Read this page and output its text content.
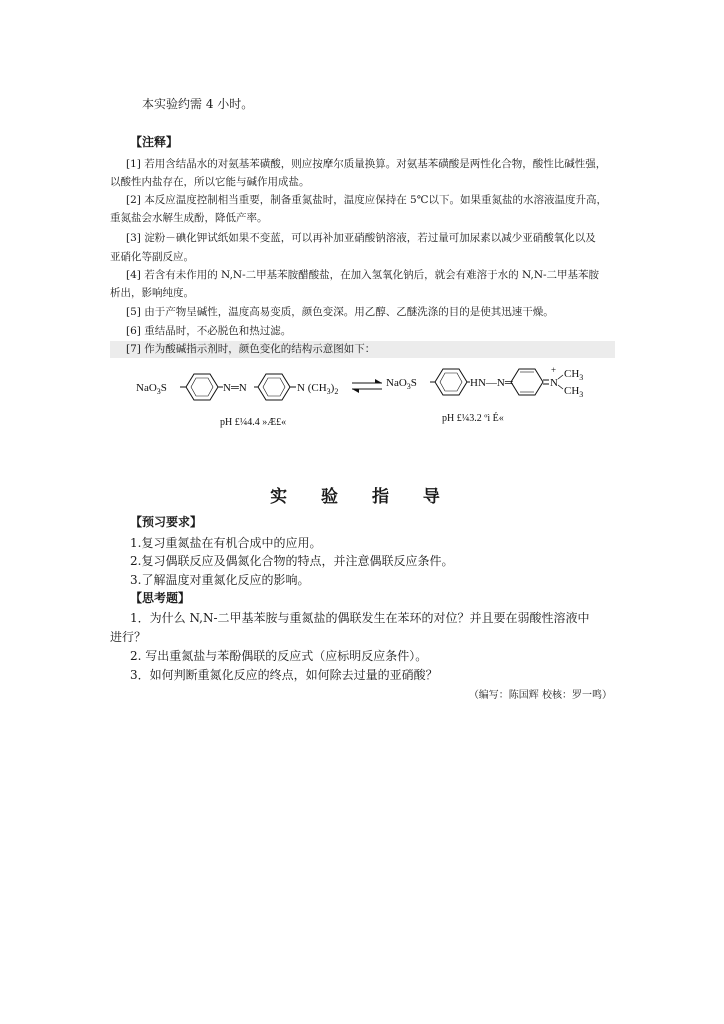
本实验约需 4 小时。
【注释】
[1] 若用含结晶水的对氨基苯磺酸，则应按摩尔质量换算。对氨基苯磺酸是两性化合物，酸性比碱性强，
以酸性内盐存在，所以它能与碱作用成盐。
[2] 本反应温度控制相当重要，制备重氮盐时，温度应保持在 5℃以下。如果重氮盐的水溶液温度升高，
重氮盐会水解生成酚，降低产率。
[3] 淀粉－碘化钾试纸如果不变蓝，可以再补加亚硝酸钠溶液，若过量可加尿素以减少亚硝酸氧化以及
亚硝化等副反应。
[4] 若含有未作用的 N,N-二甲基苯胺醋酸盐，在加入氢氧化钠后，就会有难溶于水的 N,N-二甲基苯胺
析出，影响纯度。
[5] 由于产物呈碱性，温度高易变质，颜色变深。用乙醇、乙醚洗涤的目的是使其迅速干燥。
[6] 重结晶时，不必脱色和热过滤。
[7] 作为酸碱指示剂时，颜色变化的结构示意图如下：
NaO$_3$S	N═N	N $(CH_3)_2$
NaO$_3$S	HN—N═
+
N
$CH_3$
$CH_3$
pH £¼4.4 »Æ£«	pH £¼3.2 ºì É«
实 验 指 导
【预习要求】
1.复习重氮盐在有机合成中的应用。
2.复习偶联反应及偶氮化合物的特点，并注意偶联反应条件。
3.了解温度对重氮化反应的影响。
【思考题】
1．为什么 N,N-二甲基苯胺与重氮盐的偶联发生在苯环的对位？并且要在弱酸性溶液中
进行？
2. 写出重氮盐与苯酚偶联的反应式（应标明反应条件）。
3．如何判断重氮化反应的终点，如何除去过量的亚硝酸？
（编写：陈国辉 校核：罗一鸣）
